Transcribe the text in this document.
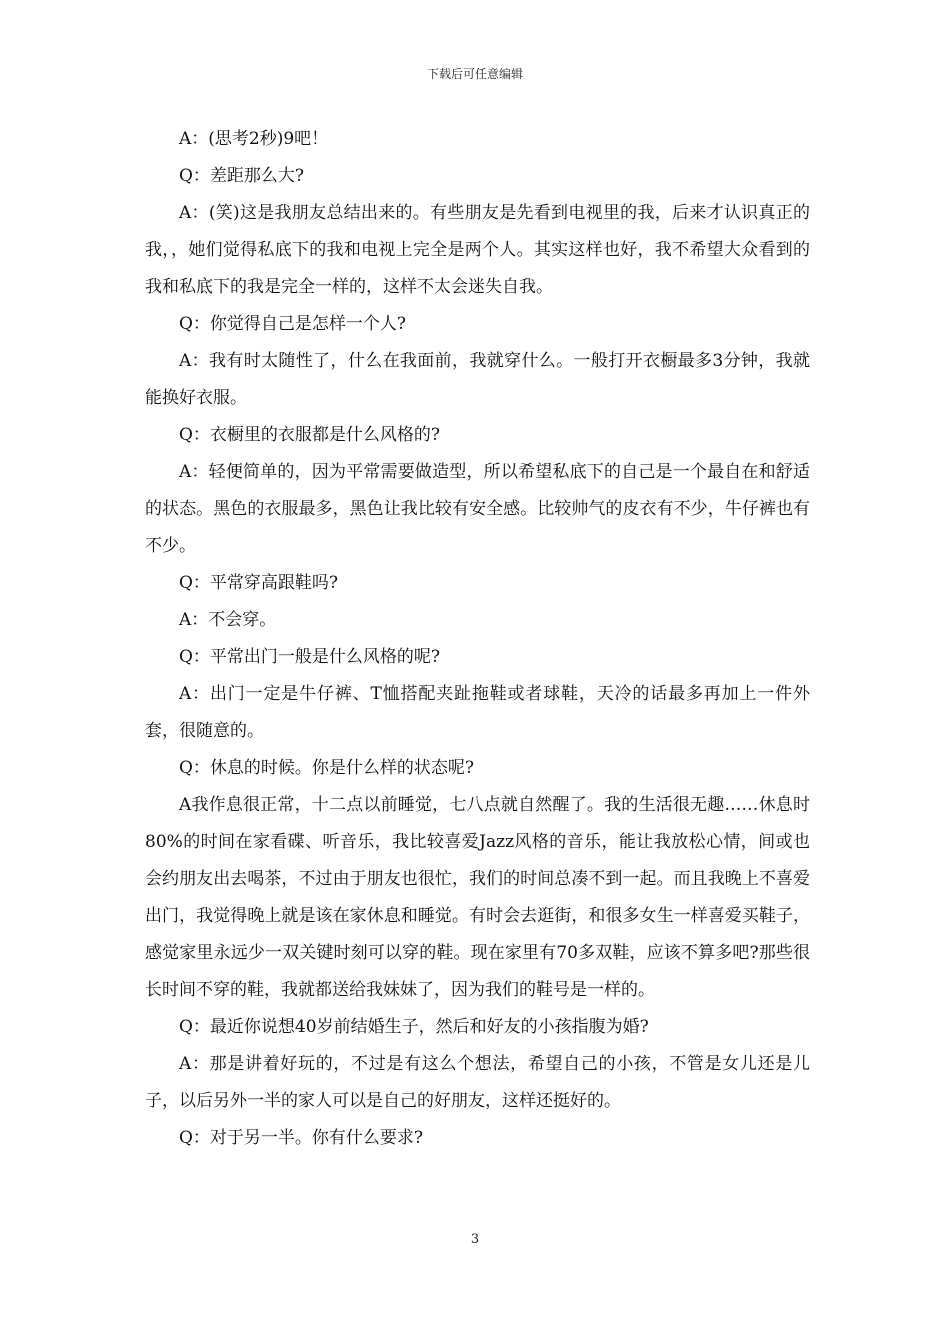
下载后可任意编辑

A：(思考2秒)9吧！

Q：差距那么大?

A：(笑)这是我朋友总结出来的。有些朋友是先看到电视里的我，后来才认识真正的我，，她们觉得私底下的我和电视上完全是两个人。其实这样也好，我不希望大众看到的我和私底下的我是完全一样的，这样不太会迷失自我。

Q：你觉得自己是怎样一个人?

A：我有时太随性了，什么在我面前，我就穿什么。一般打开衣橱最多3分钟，我就能换好衣服。

Q：衣橱里的衣服都是什么风格的?

A：轻便简单的，因为平常需要做造型，所以希望私底下的自己是一个最自在和舒适的状态。黑色的衣服最多，黑色让我比较有安全感。比较帅气的皮衣有不少，牛仔裤也有不少。

Q：平常穿高跟鞋吗?

A：不会穿。

Q：平常出门一般是什么风格的呢?

A：出门一定是牛仔裤、T恤搭配夹趾拖鞋或者球鞋，天冷的话最多再加上一件外套，很随意的。

Q：休息的时候。你是什么样的状态呢?

A我作息很正常，十二点以前睡觉，七八点就自然醒了。我的生活很无趣……休息时80%的时间在家看碟、听音乐，我比较喜爱Jazz风格的音乐，能让我放松心情，间或也会约朋友出去喝茶，不过由于朋友也很忙，我们的时间总凑不到一起。而且我晚上不喜爱出门，我觉得晚上就是该在家休息和睡觉。有时会去逛街，和很多女生一样喜爱买鞋子，感觉家里永远少一双关键时刻可以穿的鞋。现在家里有70多双鞋，应该不算多吧?那些很长时间不穿的鞋，我就都送给我妹妹了，因为我们的鞋号是一样的。

Q：最近你说想40岁前结婚生子，然后和好友的小孩指腹为婚?

A：那是讲着好玩的，不过是有这么个想法，希望自己的小孩，不管是女儿还是儿子，以后另外一半的家人可以是自己的好朋友，这样还挺好的。

Q：对于另一半。你有什么要求?

3
